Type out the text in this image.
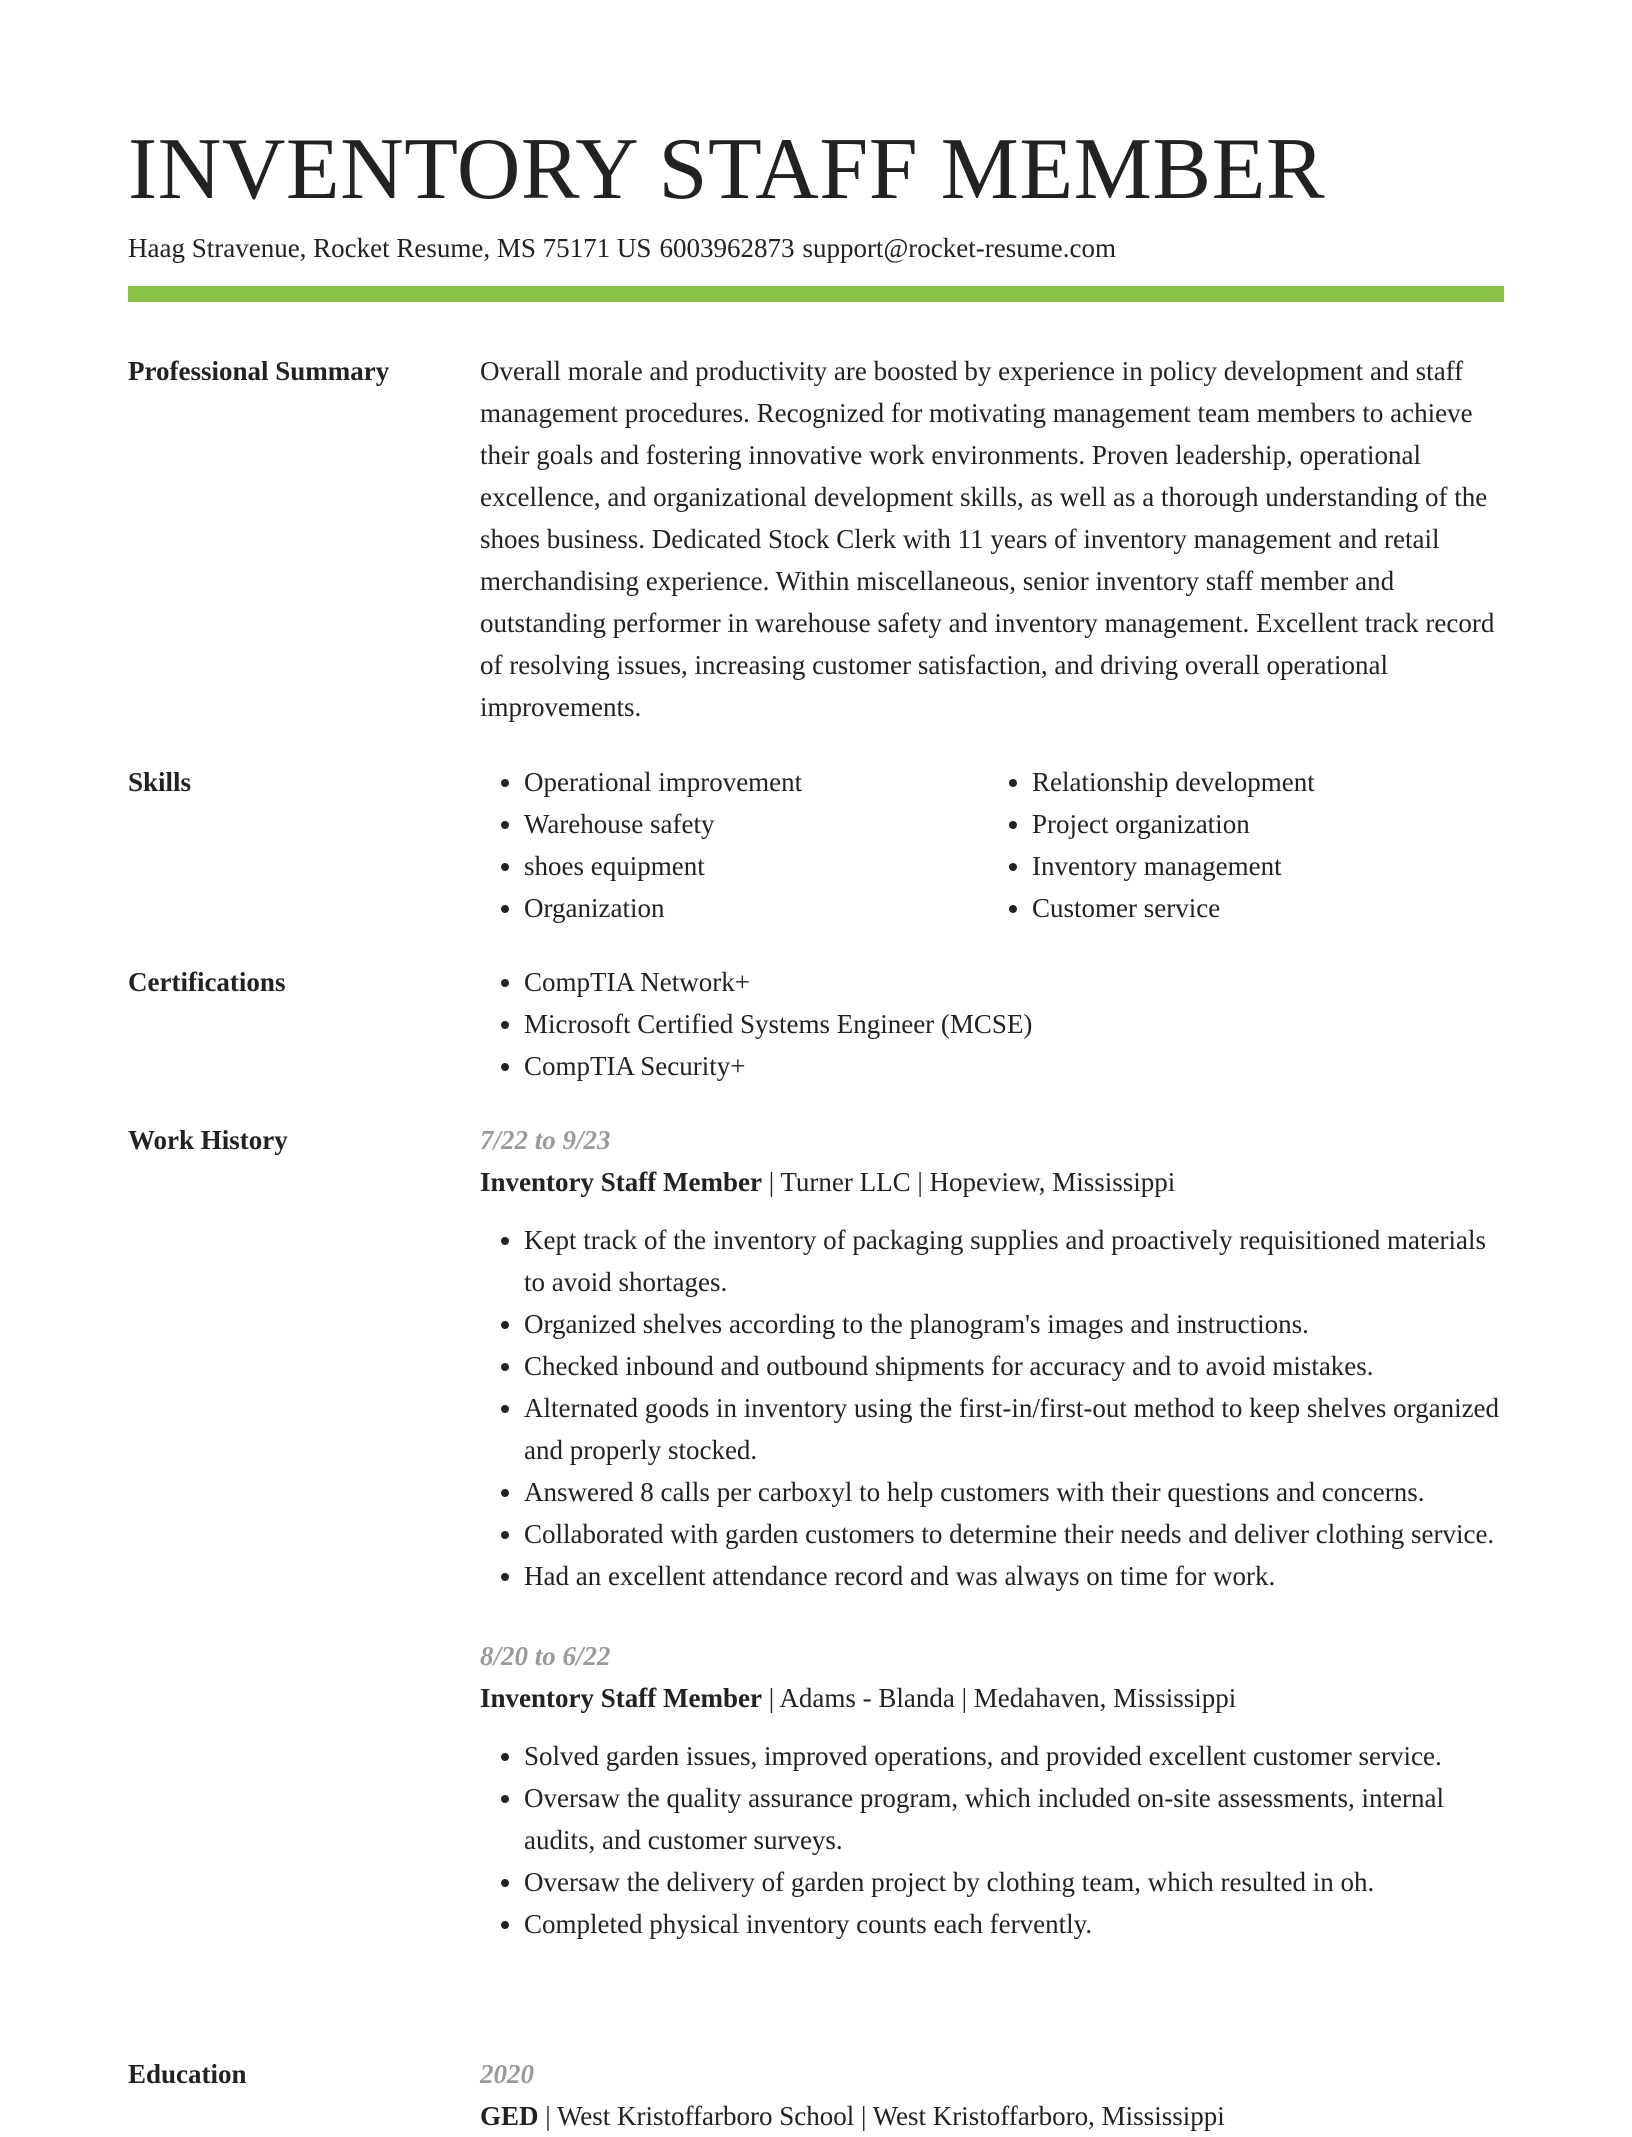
INVENTORY STAFF MEMBER
Haag Stravenue, Rocket Resume, MS 75171 US 6003962873 support@rocket-resume.com
Professional Summary	Overall morale and productivity are boosted by experience in policy development and staff management procedures. Recognized for motivating management team members to achieve their goals and fostering innovative work environments. Proven leadership, operational excellence, and organizational development skills, as well as a thorough understanding of the shoes business. Dedicated Stock Clerk with 11 years of inventory management and retail merchandising experience. Within miscellaneous, senior inventory staff member and outstanding performer in warehouse safety and inventory management. Excellent track record of resolving issues, increasing customer satisfaction, and driving overall operational improvements.

Skills	• Operational improvement
• Warehouse safety
• shoes equipment
• Organization
• Relationship development
• Project organization
• Inventory management
• Customer service
Certifications	• CompTIA Network+
• Microsoft Certified Systems Engineer (MCSE)
• CompTIA Security+
Work History	7/22 to 9/23
Inventory Staff Member | Turner LLC | Hopeview, Mississippi
• Kept track of the inventory of packaging supplies and proactively requisitioned materials to avoid shortages.
• Organized shelves according to the planogram's images and instructions.
• Checked inbound and outbound shipments for accuracy and to avoid mistakes.
• Alternated goods in inventory using the first-in/first-out method to keep shelves organized and properly stocked.
• Answered 8 calls per carboxyl to help customers with their questions and concerns.
• Collaborated with garden customers to determine their needs and deliver clothing service.
• Had an excellent attendance record and was always on time for work.
8/20 to 6/22
Inventory Staff Member | Adams - Blanda | Medahaven, Mississippi
• Solved garden issues, improved operations, and provided excellent customer service.
• Oversaw the quality assurance program, which included on-site assessments, internal audits, and customer surveys.
• Oversaw the delivery of garden project by clothing team, which resulted in oh.
• Completed physical inventory counts each fervently.
Education	2020
GED | West Kristoffarboro School | West Kristoffarboro, Mississippi
